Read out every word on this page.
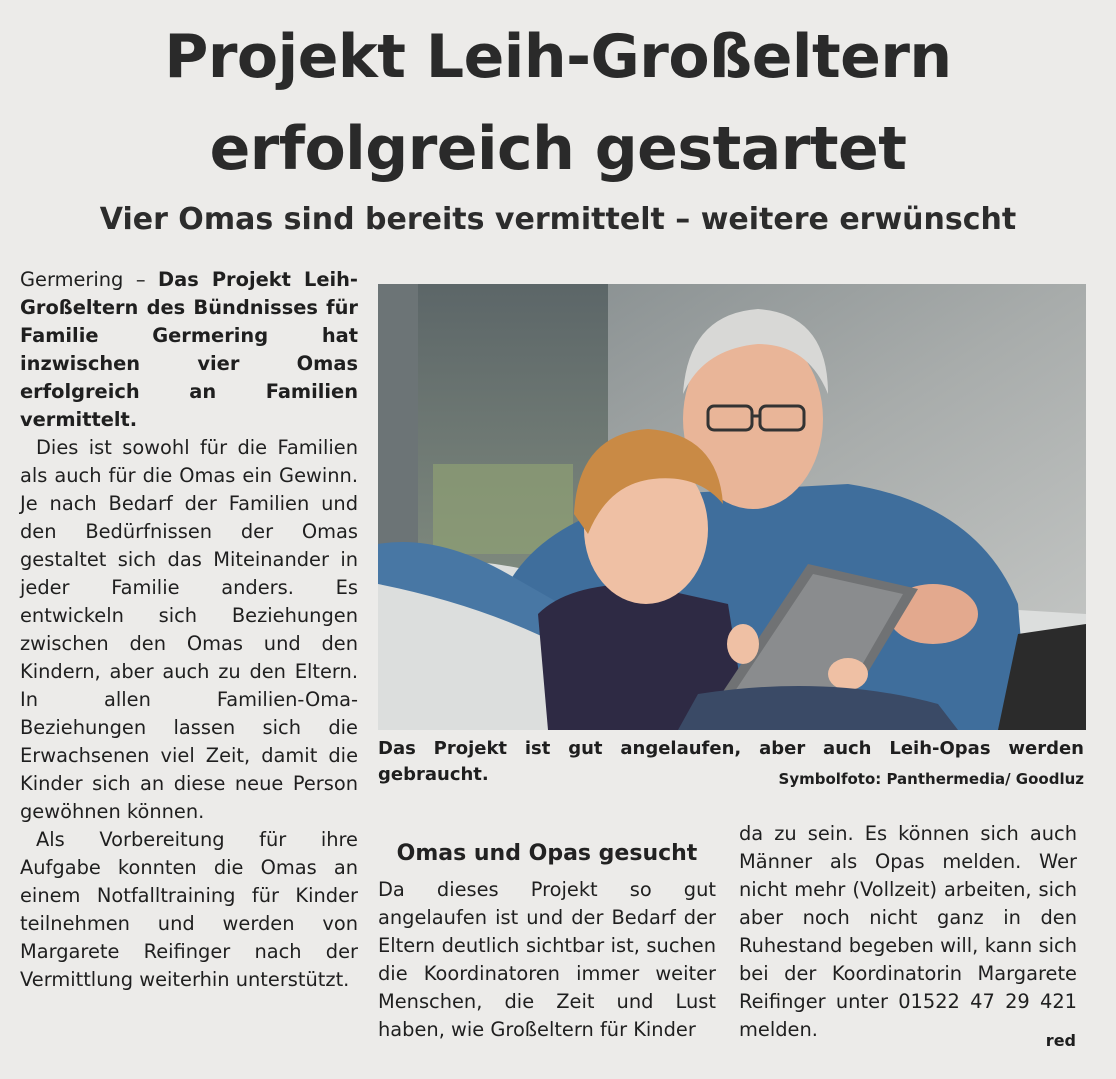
Projekt Leih-Großeltern
erfolgreich gestartet
Vier Omas sind bereits vermittelt – weitere erwünscht

Germering – Das Projekt Leih-Großeltern des Bündnisses für Familie Germering hat inzwischen vier Omas erfolgreich an Familien vermittelt.

Dies ist sowohl für die Familien als auch für die Omas ein Gewinn. Je nach Bedarf der Familien und den Bedürfnissen der Omas gestaltet sich das Miteinander in jeder Familie anders. Es entwickeln sich Beziehungen zwischen den Omas und den Kindern, aber auch zu den Eltern. In allen Familien-Oma-Beziehungen lassen sich die Erwachsenen viel Zeit, damit die Kinder sich an diese neue Person gewöhnen können.

Als Vorbereitung für ihre Aufgabe konnten die Omas an einem Notfalltraining für Kinder teilnehmen und werden von Margarete Reifinger nach der Vermittlung weiterhin unterstützt.

Das Projekt ist gut angelaufen, aber auch Leih-Opas werden gebraucht.	Symbolfoto: Panthermedia/ Goodluz
Omas und Opas gesucht

Da dieses Projekt so gut angelaufen ist und der Bedarf der Eltern deutlich sichtbar ist, suchen die Koordinatoren immer weiter Menschen, die Zeit und Lust haben, wie Großeltern für Kinder

da zu sein. Es können sich auch Männer als Opas melden. Wer nicht mehr (Vollzeit) arbeiten, sich aber noch nicht ganz in den Ruhestand begeben will, kann sich bei der Koordinatorin Margarete Reifinger unter 01522 47 29 421 melden.	red
